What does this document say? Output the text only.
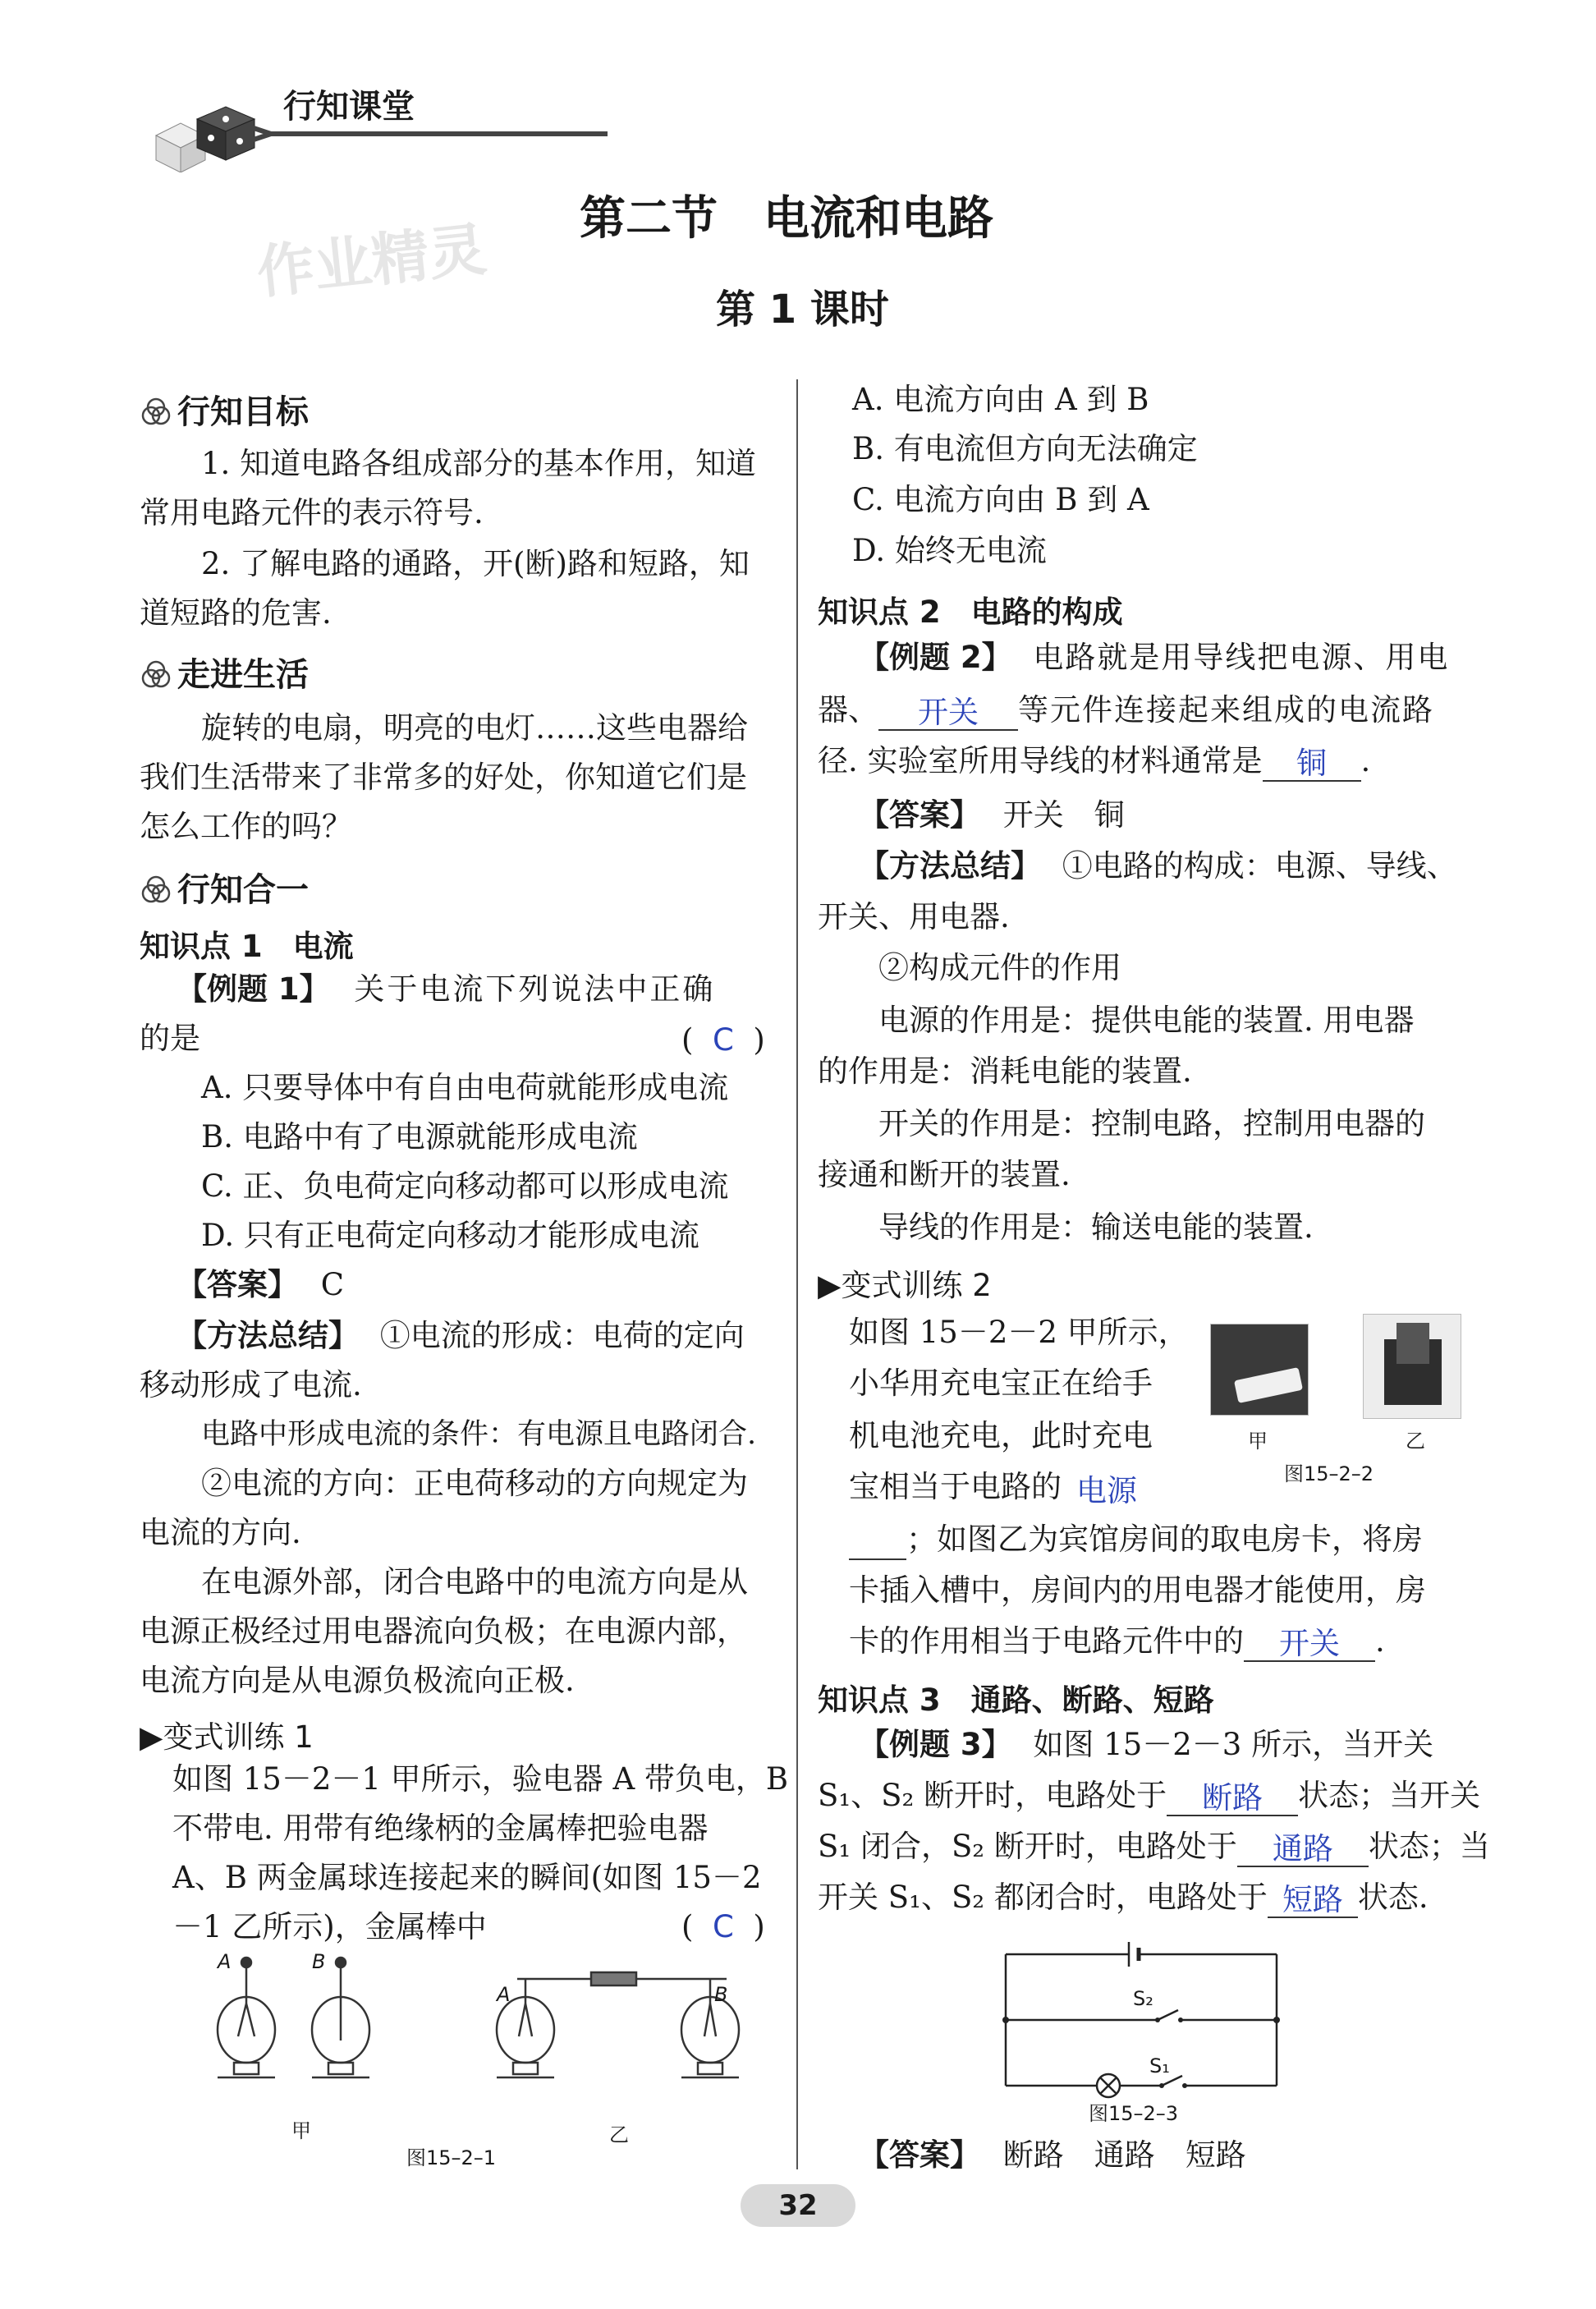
行知课堂
作业精灵 第二节　电流和电路
第 1 课时
行知目标
1. 知道电路各组成部分的基本作用，知道
常用电路元件的表示符号.
2. 了解电路的通路，开(断)路和短路，知
道短路的危害.
走进生活
旋转的电扇，明亮的电灯……这些电器给
我们生活带来了非常多的好处，你知道它们是
怎么工作的吗？
行知合一
知识点 1　电流
【例题 1】 关于电流下列说法中正确
的是	(  C  )
A. 只要导体中有自由电荷就能形成电流
B. 电路中有了电源就能形成电流
C. 正、负电荷定向移动都可以形成电流
D. 只有正电荷定向移动才能形成电流
【答案】 C
【方法总结】 ①电流的形成：电荷的定向
移动形成了电流.
电路中形成电流的条件：有电源且电路闭合.
②电流的方向：正电荷移动的方向规定为
电流的方向.
在电源外部，闭合电路中的电流方向是从
电源正极经过用电器流向负极；在电源内部，
电流方向是从电源负极流向正极.
▶变式训练 1
如图 15－2－1 甲所示，验电器 A 带负电，B
不带电. 用带有绝缘柄的金属棒把验电器
A、B 两金属球连接起来的瞬间(如图 15－2
－1 乙所示)，金属棒中	(  C  )
A	B
A	B
甲	乙
图15–2–1
A. 电流方向由 A 到 B
B. 有电流但方向无法确定
C. 电流方向由 B 到 A
D. 始终无电流
知识点 2　电路的构成
【例题 2】 电路就是用导线把电源、用电
器、 开关 等元件连接起来组成的电流路
径. 实验室所用导线的材料通常是 铜 .
【答案】 开关　铜
【方法总结】 ①电路的构成：电源、导线、
开关、用电器.
②构成元件的作用
电源的作用是：提供电能的装置. 用电器
的作用是：消耗电能的装置.
开关的作用是：控制电路，控制用电器的
接通和断开的装置.
导线的作用是：输送电能的装置.
▶变式训练 2
如图 15－2－2 甲所示，
小华用充电宝正在给手
机电池充电，此时充电
宝相当于电路的 电源
；如图乙为宾馆房间的取电房卡，将房
卡插入槽中，房间内的用电器才能使用，房
卡的作用相当于电路元件中的 开关 .
甲	乙
图15–2–2
知识点 3　通路、断路、短路
【例题 3】 如图 15－2－3 所示，当开关
S₁、S₂ 断开时，电路处于 断路 状态；当开关
S₁ 闭合，S₂ 断开时，电路处于 通路 状态；当
开关 S₁、S₂ 都闭合时，电路处于 短路 状态.
S₂
S₁
图15–2–3
【答案】 断路　通路　短路
32
